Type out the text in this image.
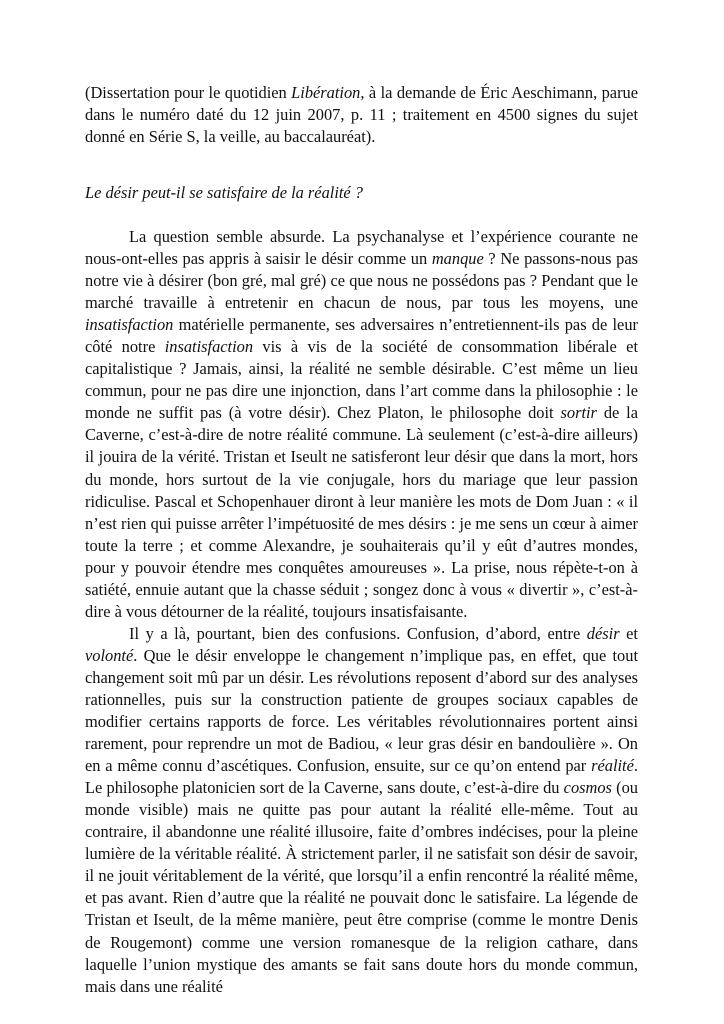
(Dissertation pour le quotidien Libération, à la demande de Éric Aeschimann, parue dans le numéro daté du 12 juin 2007, p. 11 ; traitement en 4500 signes du sujet donné en Série S, la veille, au baccalauréat).

Le désir peut-il se satisfaire de la réalité ?

La question semble absurde. La psychanalyse et l’expérience courante ne nous-ont-elles pas appris à saisir le désir comme un manque ? Ne passons-nous pas notre vie à désirer (bon gré, mal gré) ce que nous ne possédons pas ? Pendant que le marché travaille à entretenir en chacun de nous, par tous les moyens, une insatisfaction matérielle permanente, ses adversaires n’entretiennent-ils pas de leur côté notre insatisfaction vis à vis de la société de consommation libérale et capitalistique ? Jamais, ainsi, la réalité ne semble désirable. C’est même un lieu commun, pour ne pas dire une injonction, dans l’art comme dans la philosophie : le monde ne suffit pas (à votre désir). Chez Platon, le philosophe doit sortir de la Caverne, c’est-à-dire de notre réalité commune. Là seulement (c’est-à-dire ailleurs) il jouira de la vérité. Tristan et Iseult ne satisferont leur désir que dans la mort, hors du monde, hors surtout de la vie conjugale, hors du mariage que leur passion ridiculise. Pascal et Schopenhauer diront à leur manière les mots de Dom Juan : « il n’est rien qui puisse arrêter l’impétuosité de mes désirs : je me sens un cœur à aimer toute la terre ; et comme Alexandre, je souhaiterais qu’il y eût d’autres mondes, pour y pouvoir étendre mes conquêtes amoureuses ». La prise, nous répète-t-on à satiété, ennuie autant que la chasse séduit ; songez donc à vous « divertir », c’est-à-dire à vous détourner de la réalité, toujours insatisfaisante.

Il y a là, pourtant, bien des confusions. Confusion, d’abord, entre désir et volonté. Que le désir enveloppe le changement n’implique pas, en effet, que tout changement soit mû par un désir. Les révolutions reposent d’abord sur des analyses rationnelles, puis sur la construction patiente de groupes sociaux capables de modifier certains rapports de force. Les véritables révolutionnaires portent ainsi rarement, pour reprendre un mot de Badiou, « leur gras désir en bandoulière ». On en a même connu d’ascétiques. Confusion, ensuite, sur ce qu’on entend par réalité. Le philosophe platonicien sort de la Caverne, sans doute, c’est-à-dire du cosmos (ou monde visible) mais ne quitte pas pour autant la réalité elle-même. Tout au contraire, il abandonne une réalité illusoire, faite d’ombres indécises, pour la pleine lumière de la véritable réalité. À strictement parler, il ne satisfait son désir de savoir, il ne jouit véritablement de la vérité, que lorsqu’il a enfin rencontré la réalité même, et pas avant. Rien d’autre que la réalité ne pouvait donc le satisfaire. La légende de Tristan et Iseult, de la même manière, peut être comprise (comme le montre Denis de Rougemont) comme une version romanesque de la religion cathare, dans laquelle l’union mystique des amants se fait sans doute hors du monde commun, mais dans une réalité
